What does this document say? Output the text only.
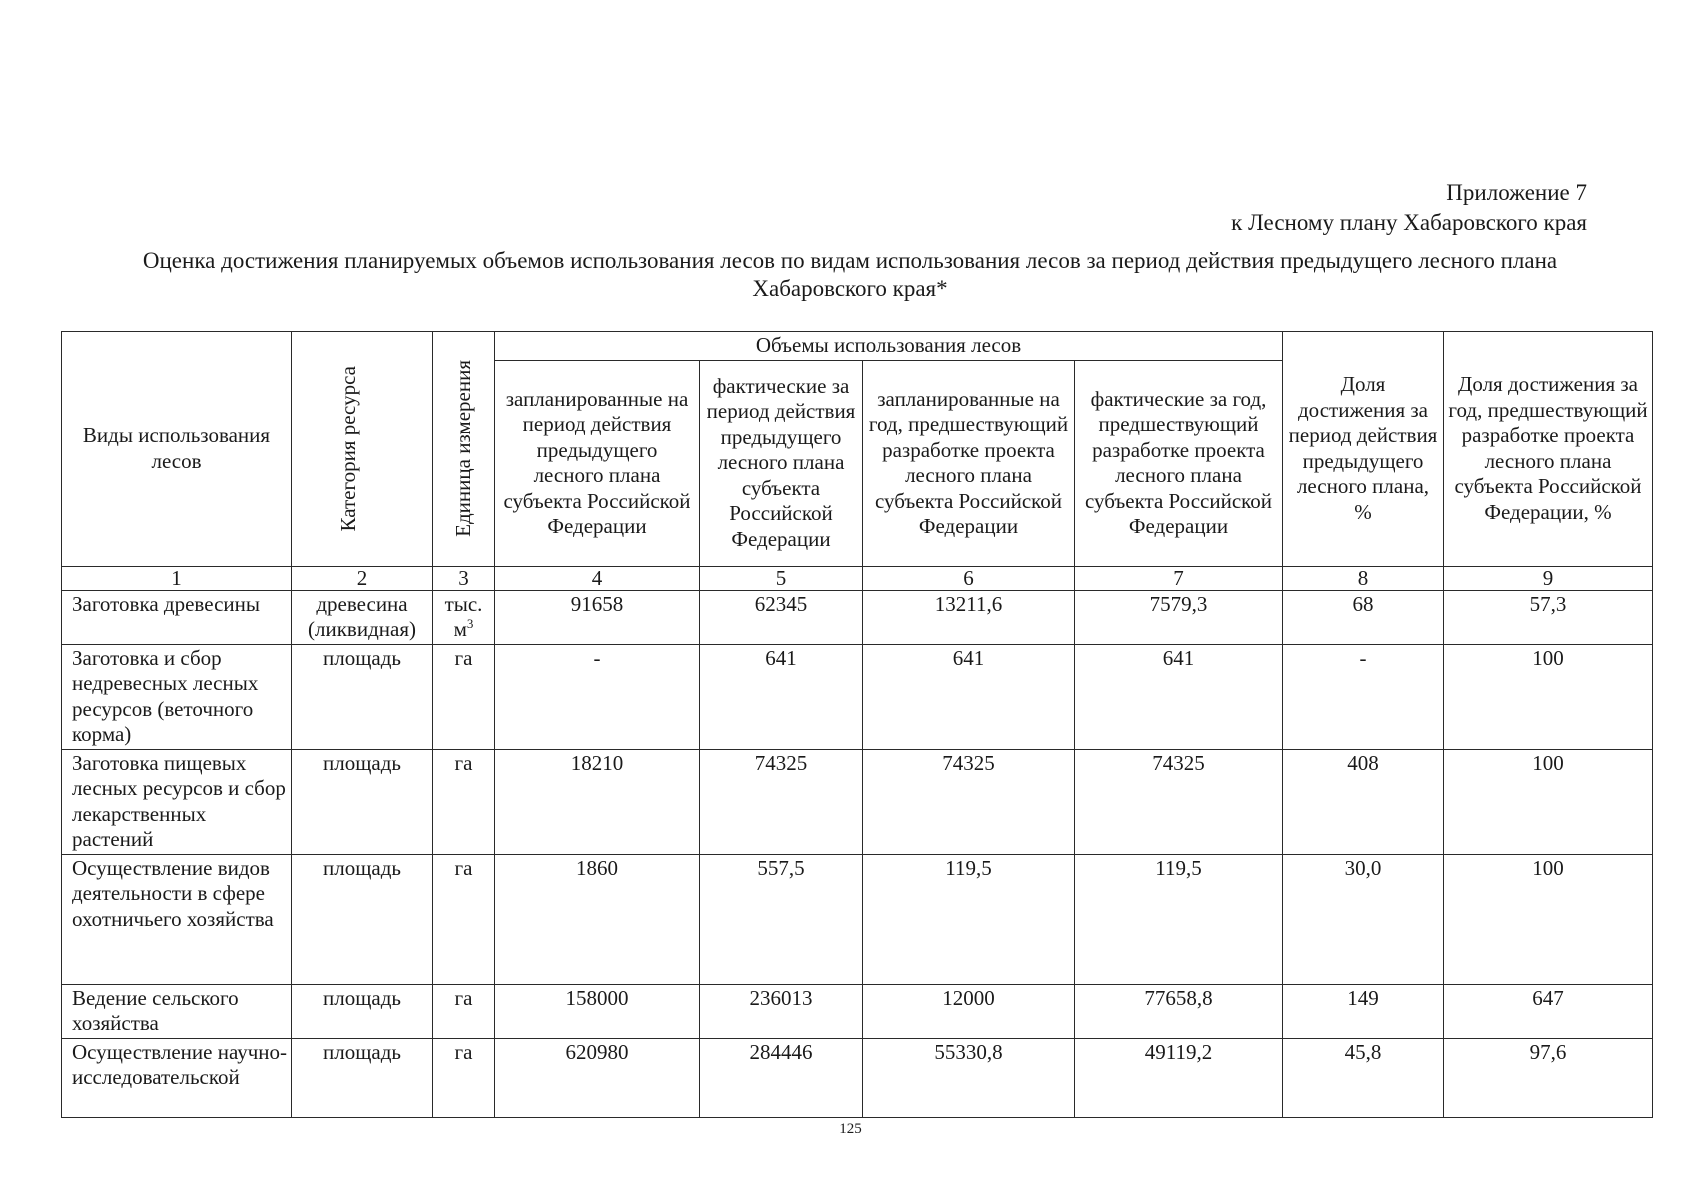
Приложение 7
к Лесному плану Хабаровского края
Оценка достижения планируемых объемов использования лесов по видам использования лесов за период действия предыдущего лесного плана Хабаровского края*
Виды использования лесов	Категория ресурса	Единица измерения	Объемы использования лесов				Доля достижения за период действия предыдущего лесного плана, %	Доля достижения за год, предшествующий разработке проекта лесного плана субъекта Российской Федерации, %
			запланированные на период действия предыдущего лесного плана субъекта Российской Федерации	фактические за период действия предыдущего лесного плана субъекта Российской Федерации	запланированные на год, предшествующий разработке проекта лесного плана субъекта Российской Федерации	фактические за год, предшествующий разработке проекта лесного плана субъекта Российской Федерации		
1	2	3	4	5	6	7	8	9
Заготовка древесины	древесина (ликвидная)	тыс. $м^3$	91658	62345	13211,6	7579,3	68	57,3
Заготовка и сбор недревесных лесных ресурсов (веточного корма)	площадь	га	-	641	641	641	-	100
Заготовка пищевых лесных ресурсов и сбор лекарственных растений	площадь	га	18210	74325	74325	74325	408	100
Осуществление видов деятельности в сфере охотничьего хозяйства	площадь	га	1860	557,5	119,5	119,5	30,0	100
Ведение сельского хозяйства	площадь	га	158000	236013	12000	77658,8	149	647
Осуществление научно-исследовательской	площадь	га	620980	284446	55330,8	49119,2	45,8	97,6
125
